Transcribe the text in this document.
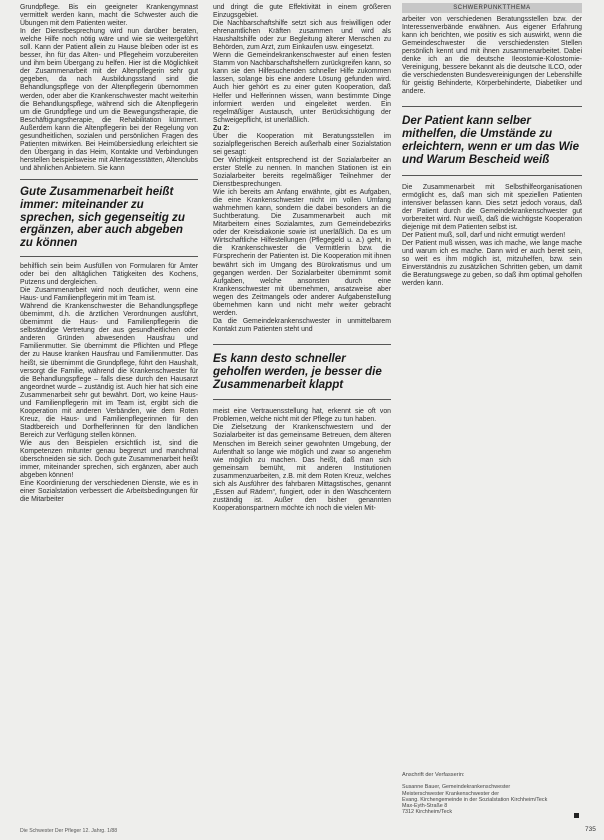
Grundpflege. Bis ein geeigneter Krankengymnast vermittelt werden kann, macht die Schwester auch die Übungen mit dem Patienten weiter.

In der Dienstbesprechung wird nun darüber beraten, welche Hilfe noch nötig wäre und wie sie weitergeführt soll. Kann der Patient allein zu Hause bleiben oder ist es besser, ihn für das Alten- und Pflegeheim vorzubereiten und ihm beim Übergang zu helfen. Hier ist die Möglichkeit der Zusammenarbeit mit der Altenpflegerin sehr gut gegeben, da nach Ausbildungsstand sind die Behandlungspflege von der Altenpflegerin übernommen werden, oder aber die Krankenschwester macht weiterhin die Behandlungspflege, während sich die Altenpflegerin um die Grundpflege und um die Bewegungstherapie, die Beschäftigungstherapie, die Rehabilitation kümmert. Außerdem kann die Altenpflegerin bei der Regelung von gesundheitlichen, sozialen und persönlichen Fragen des Patienten mitwirken. Bei Heimübersiedlung erleichtert sie den Übergang in das Heim, Kontakte und Verbindungen herstellen beispielsweise mit Altentagesstätten, Altenclubs und ähnlichen Anbietern. Sie kann

Gute Zusammenarbeit heißt immer: miteinander zu sprechen, sich gegenseitig zu ergänzen, aber auch abgeben zu können

behilflich sein beim Ausfüllen von Formularen für Ämter oder bei den alltäglichen Tätigkeiten des Kochens, Putzens und dergleichen.

Die Zusammenarbeit wird noch deutlicher, wenn eine Haus- und Familienpflegerin mit im Team ist.

Während die Krankenschwester die Behandlungspflege übernimmt, d.h. die ärztlichen Verordnungen ausführt, übernimmt die Haus- und Familienpflegerin die selbständige Vertretung der aus gesundheitlichen oder anderen Gründen abwesenden Hausfrau und Familienmutter. Sie übernimmt die Pflichten und Pflege der zu Hause kranken Hausfrau und Familienmutter. Das heißt, sie übernimmt die Grundpflege, führt den Haushalt, versorgt die Familie, während die Krankenschwester für die Behandlungspflege – falls diese durch den Hausarzt angeordnet wurde – zuständig ist. Auch hier hat sich eine Zusammenarbeit sehr gut bewährt. Dort, wo keine Haus- und Familienpflegerin mit im Team ist, ergibt sich die Kooperation mit anderen Verbänden, wie dem Roten Kreuz, die Haus- und Familienpflegerinnen für den Stadtbereich und Dorfhelferinnen für den ländlichen Bereich zur Verfügung stellen können.

Wie aus den Beispielen ersichtlich ist, sind die Kompetenzen mitunter genau begrenzt und manchmal überschneiden sie sich. Doch gute Zusammenarbeit heißt immer, miteinander sprechen, sich ergänzen, aber auch abgeben können!

Eine Koordinierung der verschiedenen Dienste, wie es in einer Sozialstation verbessert die Arbeitsbedingungen für die Mitarbeiter

und dringt die gute Effektivität in einem größeren Einzugsgebiet.

Die Nachbarschaftshilfe setzt sich aus freiwilligen oder ehrenamtlichen Kräften zusammen und wird als Haushaltshilfe oder zur Begleitung älterer Menschen zu Behörden, zum Arzt, zum Einkaufen usw. eingesetzt.

Wenn die Gemeindekrankenschwester auf einen festen Stamm von Nachbarschaftshelfern zurückgreifen kann, so kann sie den Hilfesuchenden schneller Hilfe zukommen lassen, solange bis eine andere Lösung gefunden wird. Auch hier gehört es zu einer guten Kooperation, daß Helfer und Helferinnen wissen, wann bestimmte Dinge informiert werden und eingeleitet werden. Ein regelmäßiger Austausch, unter Berücksichtigung der Schweigepflicht, ist unerläßlich.

Zu 2:

Über die Kooperation mit Beratungsstellen im sozialpflegerischen Bereich außerhalb einer Sozialstation sei gesagt:

Der Wichtigkeit entsprechend ist der Sozialarbeiter an erster Stelle zu nennen. In manchen Stationen ist ein Sozialarbeiter bereits regelmäßiger Teilnehmer der Dienstbesprechungen.

Wie ich bereits am Anfang erwähnte, gibt es Aufgaben, die eine Krankenschwester nicht im vollen Umfang wahrnehmen kann, sondern die dabei besonders an die Suchtberatung. Die Zusammenarbeit auch mit Mitarbeitern eines Sozialamtes, zum Gemeindebezirks oder der Kreisdiakonie sowie ist unerläßlich. Da es um Wirtschaftliche Hilfestellungen (Pflegegeld u. a.) geht, in die Krankenschwester die Vermittlerin bzw. die Fürsprecherin der Patienten ist. Die Kooperation mit ihnen bewährt sich im Umgang des Bürokratismus und um gegangen werden. Der Sozialarbeiter übernimmt somit Aufgaben, welche ansonsten durch eine Krankenschwester mit übernehmen, ansatzweise aber wegen des Zeitmangels oder anderer Aufgabenstellung übernehmen kann und nicht mehr weiter gebracht werden.

Da die Gemeindekrankenschwester in unmittelbarem Kontakt zum Patienten steht und

Es kann desto schneller geholfen werden, je besser die Zusammenarbeit klappt

meist eine Vertrauensstellung hat, erkennt sie oft von Problemen, welche nicht mit der Pflege zu tun haben.

Die Zielsetzung der Krankenschwestern und der Sozialarbeiter ist das gemeinsame Betreuen, dem älteren Menschen im Bereich seiner gewohnten Umgebung, der Aufenthalt so lange wie möglich und zwar so angenehm wie möglich zu machen. Das heißt, daß man sich gemeinsam bemüht, mit anderen Institutionen zusammenzuarbeiten, z.B. mit dem Roten Kreuz, welches sich als Ausführer des fahrbaren Mittagstisches, genannt „Essen auf Rädern“, fungiert, oder in den Waschcentern zuständig ist. Außer den bisher genannten Kooperationspartnern möchte ich noch die vielen Mit-

SCHWERPUNKTTHEMA

arbeiter von verschiedenen Beratungsstellen bzw. der Interessenverbände erwähnen. Aus eigener Erfahrung kann ich berichten, wie positiv es sich auswirkt, wenn die Gemeindeschwester die verschiedensten Stellen persönlich kennt und mit ihnen zusammenarbeitet. Dabei denke ich an die deutsche Ileostomie-Kolostomie-Vereinigung, bessere bekannt als die deutsche ILCO, oder die verschiedensten Bundesvereinigungen der Lebenshilfe für geistig Behinderte, Körperbehinderte, Diabetiker und andere.

Der Patient kann selber mithelfen, die Umstände zu erleichtern, wenn er um das Wie und Warum Bescheid weiß

Die Zusammenarbeit mit Selbsthilfeorganisationen ermöglicht es, daß man sich mit speziellen Patienten intensiver befassen kann. Dies setzt jedoch voraus, daß der Patient durch die Gemeindekrankenschwester gut vorbereitet wird. Nur weiß, daß die wichtigste Kooperation diejenige mit dem Patienten selbst ist.

Der Patient muß, soll, darf und nicht ermutigt werden!

Der Patient muß wissen, was ich mache, wie lange mache und warum ich es mache. Dann wird er auch bereit sein, so weit es ihm möglich ist, mitzuhelfen, bzw. sein Einverständnis zu zusätzlichen Schritten geben, um damit die Beratungswege zu geben, so daß ihm optimal geholfen werden kann.

Anschrift der Verfasserin:
Susanne Bauer, Gemeindekrankenschwester
Meisterschwester Krankenschwester der
Evang. Kirchengemeinde in der Sozialstation Kirchheim/Teck
Max-Eyth-Straße 8
7312 Kirchheim/Teck
Die Schwester Der Pfleger 12. Jahrg. 1/88	735
